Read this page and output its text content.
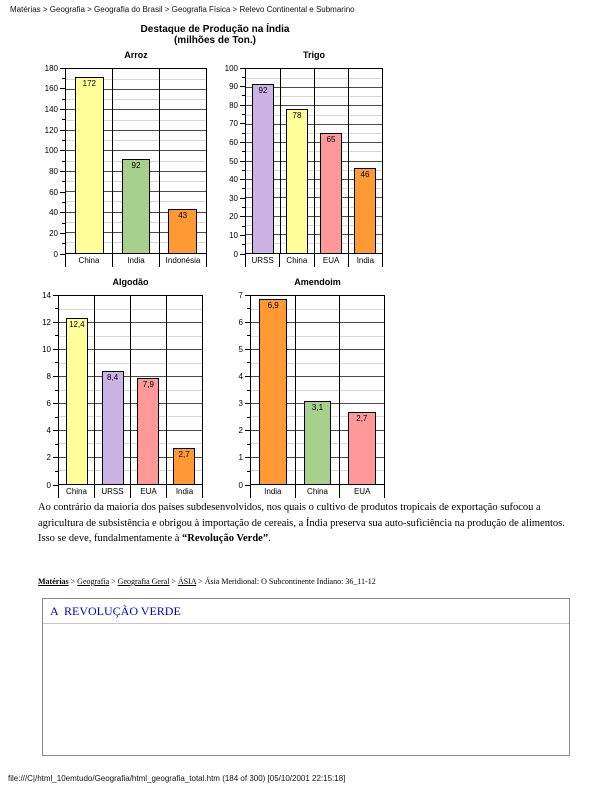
Matérias > Geografia > Geografia do Brasil > Geografia Física > Relevo Continental e Submarino
Destaque de Produção na Índia
(milhões de Ton.)
Arroz
0
20
40
60
80
100
120
140
160
180
172
92
43
China	India	Indonésia
Trigo
0
10
20
30
40
50
60
70
80
90
100
92
78
65
46
URSS	China	EUA	India
Algodão
0
2
4
6
8
10
12
14
12,4
8,4
7,9
2,7
China	URSS	EUA	India
Amendoim
0
1
2
3
4
5
6
7
6,9
3,1
2,7
India	China	EUA

Ao contrário da maioria dos países subdesenvolvidos, nos quais o cultivo de produtos tropicais de exportação sufocou a agricultura de subsistência e obrigou à importação de cereais, a Índia preserva sua auto-suficiência na produção de alimentos. Isso se deve, fundalmentamente à “Revolução Verde”.

Matérias > Geografia > Geografia Geral > ÁSIA > Ásia Meridional: O Subcontinente Indiano: 36_11-12
A  REVOLUÇÃO VERDE
file:///C|/html_10emtudo/Geografia/html_geografia_total.htm (184 of 300) [05/10/2001 22:15:18]
